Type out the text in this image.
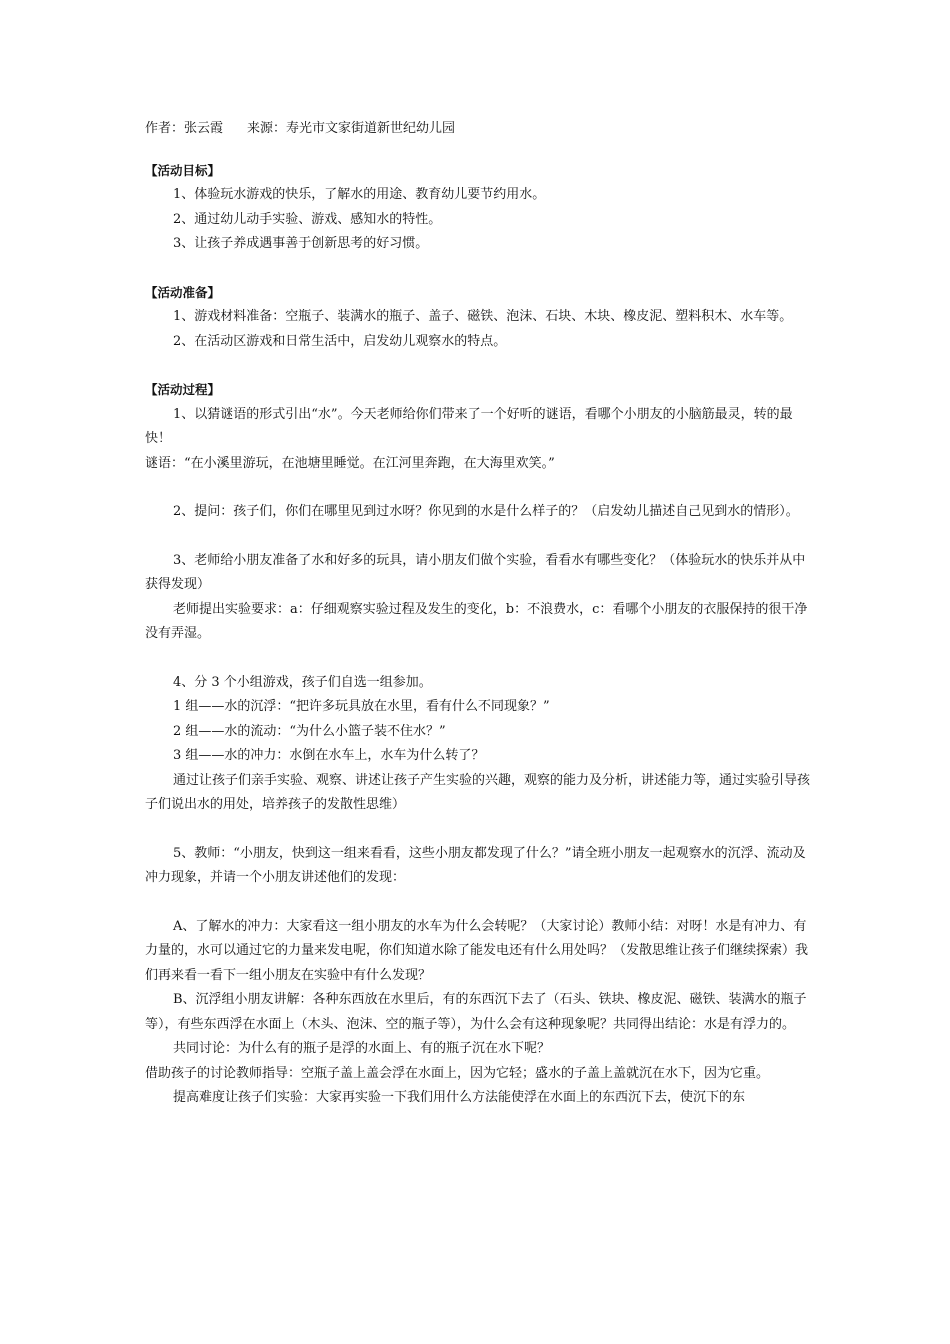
作者：张云霞 来源：寿光市文家街道新世纪幼儿园
【活动目标】
1、体验玩水游戏的快乐，了解水的用途、教育幼儿要节约用水。
2、通过幼儿动手实验、游戏、感知水的特性。
3、让孩子养成遇事善于创新思考的好习惯。
【活动准备】
1、游戏材料准备：空瓶子、装满水的瓶子、盖子、磁铁、泡沫、石块、木块、橡皮泥、塑料积木、水车等。
2、在活动区游戏和日常生活中，启发幼儿观察水的特点。
【活动过程】
1、以猜谜语的形式引出“水”。今天老师给你们带来了一个好听的谜语，看哪个小朋友的小脑筋最灵，转的最快！
谜语：“在小溪里游玩，在池塘里睡觉。在江河里奔跑，在大海里欢笑。”
2、提问：孩子们，你们在哪里见到过水呀？你见到的水是什么样子的？（启发幼儿描述自己见到水的情形）。
3、老师给小朋友准备了水和好多的玩具，请小朋友们做个实验，看看水有哪些变化？（体验玩水的快乐并从中获得发现）
老师提出实验要求：a：仔细观察实验过程及发生的变化，b：不浪费水，c：看哪个小朋友的衣服保持的很干净没有弄湿。
4、分 3 个小组游戏，孩子们自选一组参加。
1 组——水的沉浮：“把许多玩具放在水里，看有什么不同现象？”
2 组——水的流动：“为什么小篮子装不住水？”
3 组——水的冲力：水倒在水车上，水车为什么转了？
通过让孩子们亲手实验、观察、讲述让孩子产生实验的兴趣，观察的能力及分析，讲述能力等，通过实验引导孩子们说出水的用处，培养孩子的发散性思维）
5、教师：“小朋友，快到这一组来看看，这些小朋友都发现了什么？”请全班小朋友一起观察水的沉浮、流动及冲力现象，并请一个小朋友讲述他们的发现：
A、了解水的冲力：大家看这一组小朋友的水车为什么会转呢？（大家讨论）教师小结：对呀！水是有冲力、有力量的，水可以通过它的力量来发电呢，你们知道水除了能发电还有什么用处吗？（发散思维让孩子们继续探索）我们再来看一看下一组小朋友在实验中有什么发现？
B、沉浮组小朋友讲解：各种东西放在水里后，有的东西沉下去了（石头、铁块、橡皮泥、磁铁、装满水的瓶子等），有些东西浮在水面上（木头、泡沫、空的瓶子等），为什么会有这种现象呢？共同得出结论：水是有浮力的。
共同讨论：为什么有的瓶子是浮的水面上、有的瓶子沉在水下呢？
借助孩子的讨论教师指导：空瓶子盖上盖会浮在水面上，因为它轻；盛水的子盖上盖就沉在水下，因为它重。
提高难度让孩子们实验：大家再实验一下我们用什么方法能使浮在水面上的东西沉下去，使沉下的东
